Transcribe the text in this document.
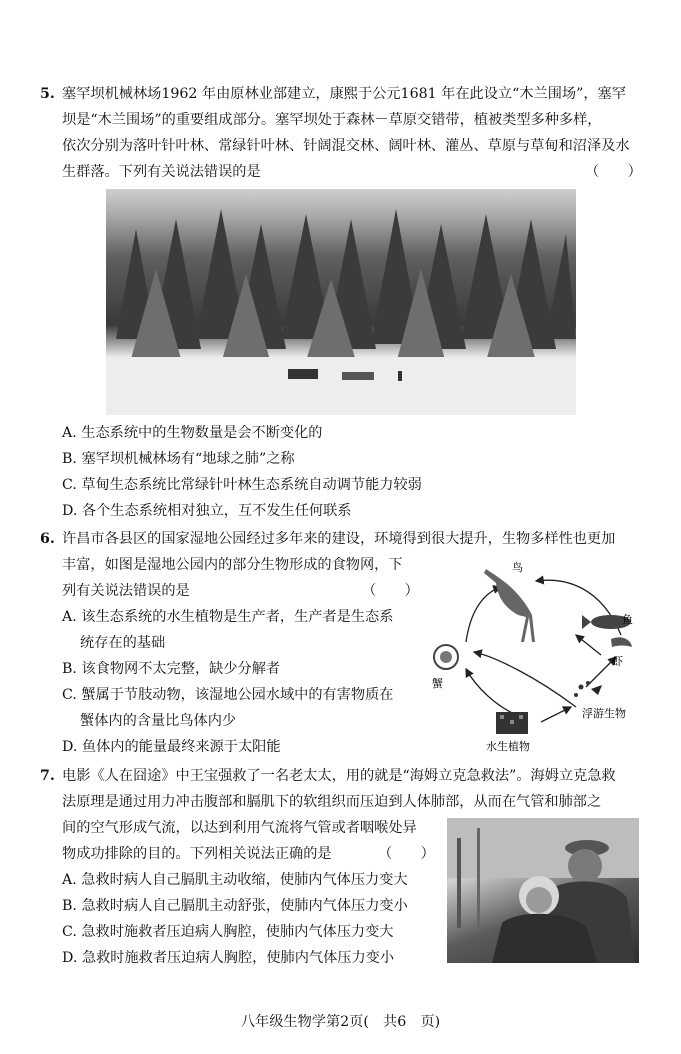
5. 塞罕坝机械林场1962 年由原林业部建立，康熙于公元1681 年在此设立“木兰围场”，塞罕
坝是“木兰围场”的重要组成部分。塞罕坝处于森林－草原交错带，植被类型多种多样，
依次分别为落叶针叶林、常绿针叶林、针阔混交林、阔叶林、灌丛、草原与草甸和沼泽及水
生群落。下列有关说法错误的是	（　　）
A. 生态系统中的生物数量是会不断变化的
B. 塞罕坝机械林场有“地球之肺”之称
C. 草甸生态系统比常绿针叶林生态系统自动调节能力较弱
D. 各个生态系统相对独立，互不发生任何联系
6. 许昌市各县区的国家湿地公园经过多年来的建设，环境得到很大提升，生物多样性也更加
丰富，如图是湿地公园内的部分生物形成的食物网，下
列有关说法错误的是	（　　）
A. 该生态系统的水生植物是生产者，生产者是生态系
统存在的基础
B. 该食物网不太完整，缺少分解者
C. 蟹属于节肢动物，该湿地公园水域中的有害物质在
蟹体内的含量比鸟体内少
D. 鱼体内的能量最终来源于太阳能
鸟
鱼
虾
蟹
浮游生物
水生植物
7. 电影《人在囧途》中王宝强救了一名老太太，用的就是“海姆立克急救法”。海姆立克急救
法原理是通过用力冲击腹部和膈肌下的软组织而压迫到人体肺部，从而在气管和肺部之
间的空气形成气流，以达到利用气流将气管或者咽喉处异
物成功排除的目的。下列相关说法正确的是	（　　）
A. 急救时病人自己膈肌主动收缩，使肺内气体压力变大
B. 急救时病人自己膈肌主动舒张，使肺内气体压力变小
C. 急救时施救者压迫病人胸腔，使肺内气体压力变大
D. 急救时施救者压迫病人胸腔，使肺内气体压力变小
八年级生物学第2页(　共6　页)
